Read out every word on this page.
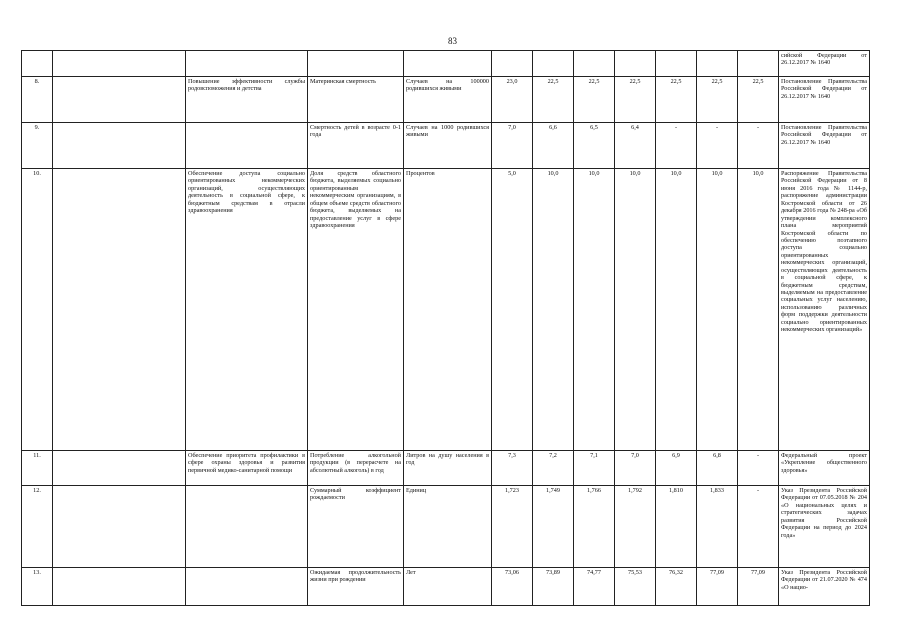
83
												сийской Федерации от 26.12.2017 № 1640
8.		Повышение эффективности службы родовспоможения и детства	Материнская смертность	Случаев на 100000 родившихся живыми	23,0	22,5	22,5	22,5	22,5	22,5	22,5	Постановление Правительства Российской Федерации от 26.12.2017 № 1640
9.			Смертность детей в возрасте 0-1 года	Случаев на 1000 родившихся живыми	7,0	6,6	6,5	6,4	-	-	-	Постановление Правительства Российской Федерации от 26.12.2017 № 1640
10.		Обеспечение доступа социально ориентированных некоммерческих организаций, осуществляющих деятельность в социальной сфере, к бюджетным средствам в отрасли здравоохранения	Доля средств областного бюджета, выделяемых социально ориентированным некоммерческим организациям, в общем объеме средств областного бюджета, выделяемых на предоставление услуг в сфере здравоохранения	Процентов	5,0	10,0	10,0	10,0	10,0	10,0	10,0	Распоряжение Правительства Российской Федерации от 8 июня 2016 года № 1144-р, распоряжение администрации Костромской области от 26 декабря 2016 года № 248-ра «Об утверждении комплексного плана мероприятий Костромской области по обеспечению поэтапного доступа социально ориентированных некоммерческих организаций, осуществляющих деятельность в социальной сфере, к бюджетным средствам, выделяемым на предоставление социальных услуг населению, использованию различных форм поддержки деятельности социально ориентированных некоммерческих организаций»
11.		Обеспечение приоритета профилактики в сфере охраны здоровья и развития первичной медико-санитарной помощи	Потребление алкогольной продукции (в перерасчете на абсолютный алкоголь) в год	Литров на душу населения в год	7,3	7,2	7,1	7,0	6,9	6,8	-	Федеральный проект «Укрепление общественного здоровья»
12.			Суммарный коэффициент рождаемости	Единиц	1,723	1,749	1,766	1,792	1,810	1,833	-	Указ Президента Российской Федерации от 07.05.2018 № 204 «О национальных целях и стратегических задачах развития Российской Федерации на период до 2024 года»
13.			Ожидаемая продолжительность жизни при рождении	Лет	73,06	73,89	74,77	75,53	76,32	77,09	77,09	Указ Президента Российской Федерации от 21.07.2020 № 474 «О нацио-
